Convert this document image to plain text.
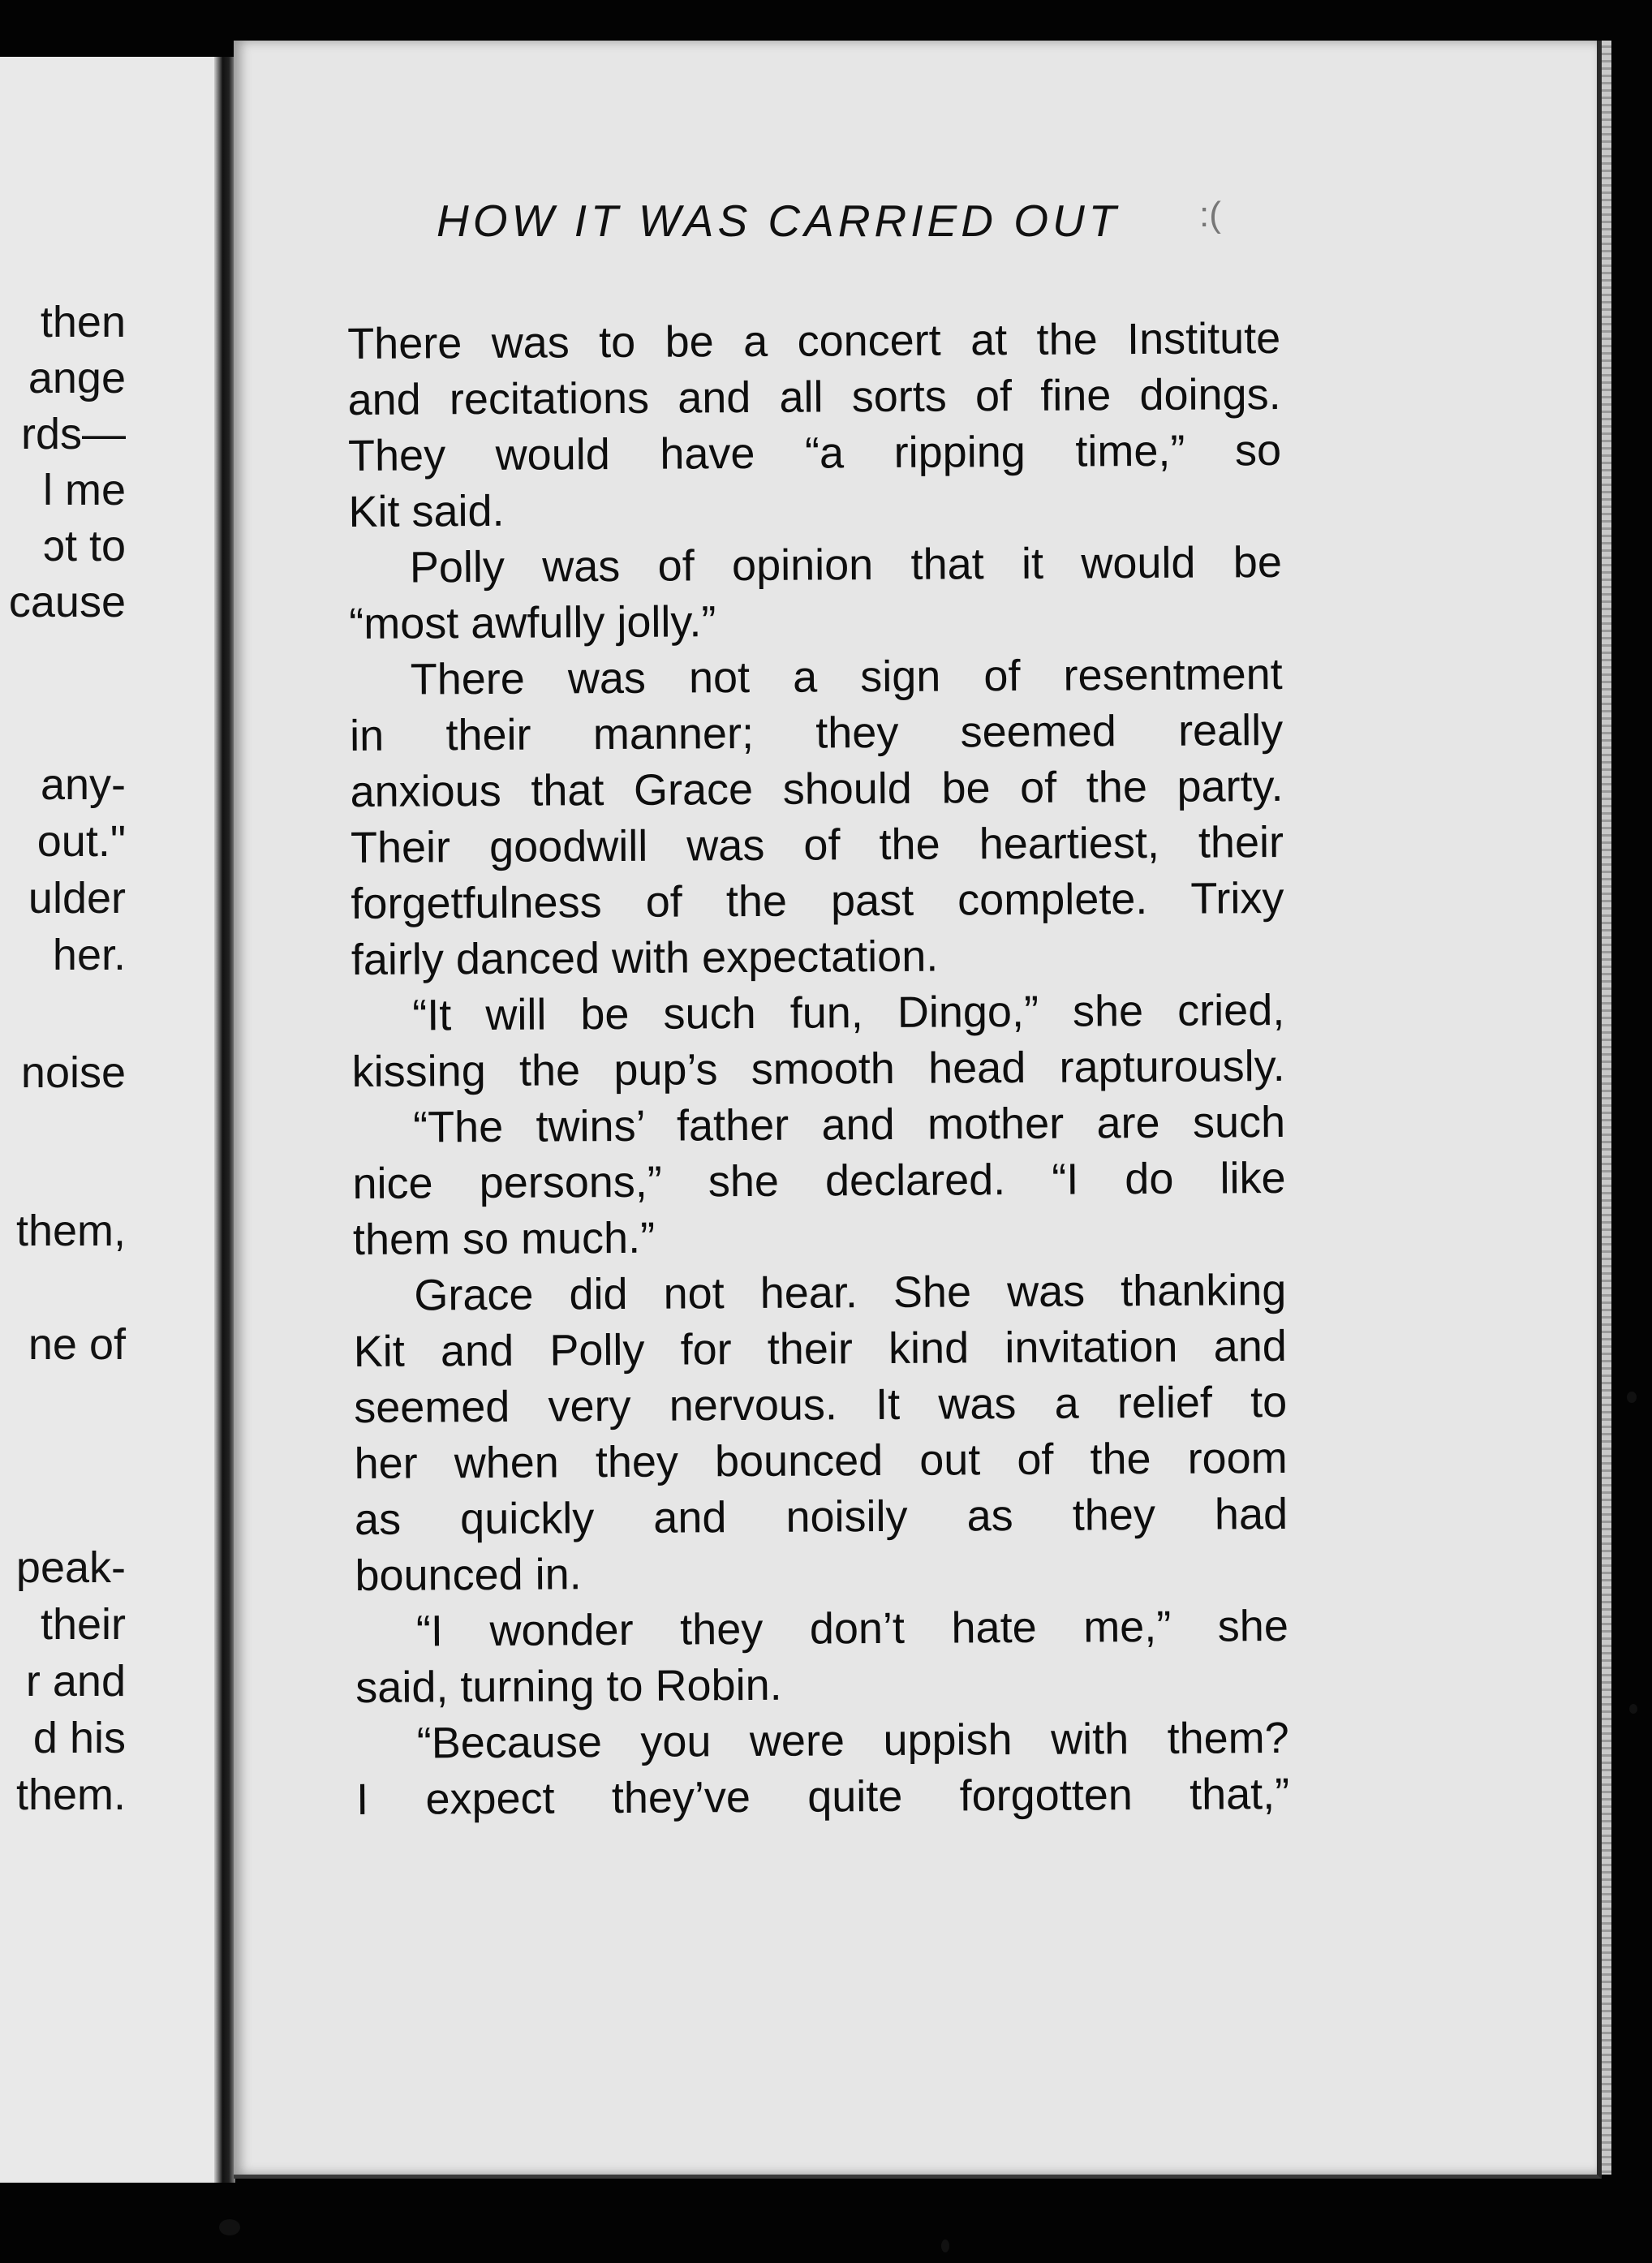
then
ange
rds—
l me
ɔt to
cause
any-
out."
ulder
her.
noise
them,
ne of
peak-
their
r and
d his
them.
HOW IT WAS CARRIED OUT :(
There was to be a concert at the Institute
and recitations and all sorts of fine doings.
They would have “a ripping time,” so
Kit said.
Polly was of opinion that it would be
“most awfully jolly.”
There was not a sign of resentment
in their manner; they seemed really
anxious that Grace should be of the party.
Their goodwill was of the heartiest, their
forgetfulness of the past complete. Trixy
fairly danced with expectation.
“It will be such fun, Dingo,” she cried,
kissing the pup’s smooth head rapturously.
“The twins’ father and mother are such
nice persons,” she declared. “I do like
them so much.”
Grace did not hear. She was thanking
Kit and Polly for their kind invitation and
seemed very nervous. It was a relief to
her when they bounced out of the room
as quickly and noisily as they had
bounced in.
“I wonder they don’t hate me,” she
said, turning to Robin.
“Because you were uppish with them?
I expect they’ve quite forgotten that,”
